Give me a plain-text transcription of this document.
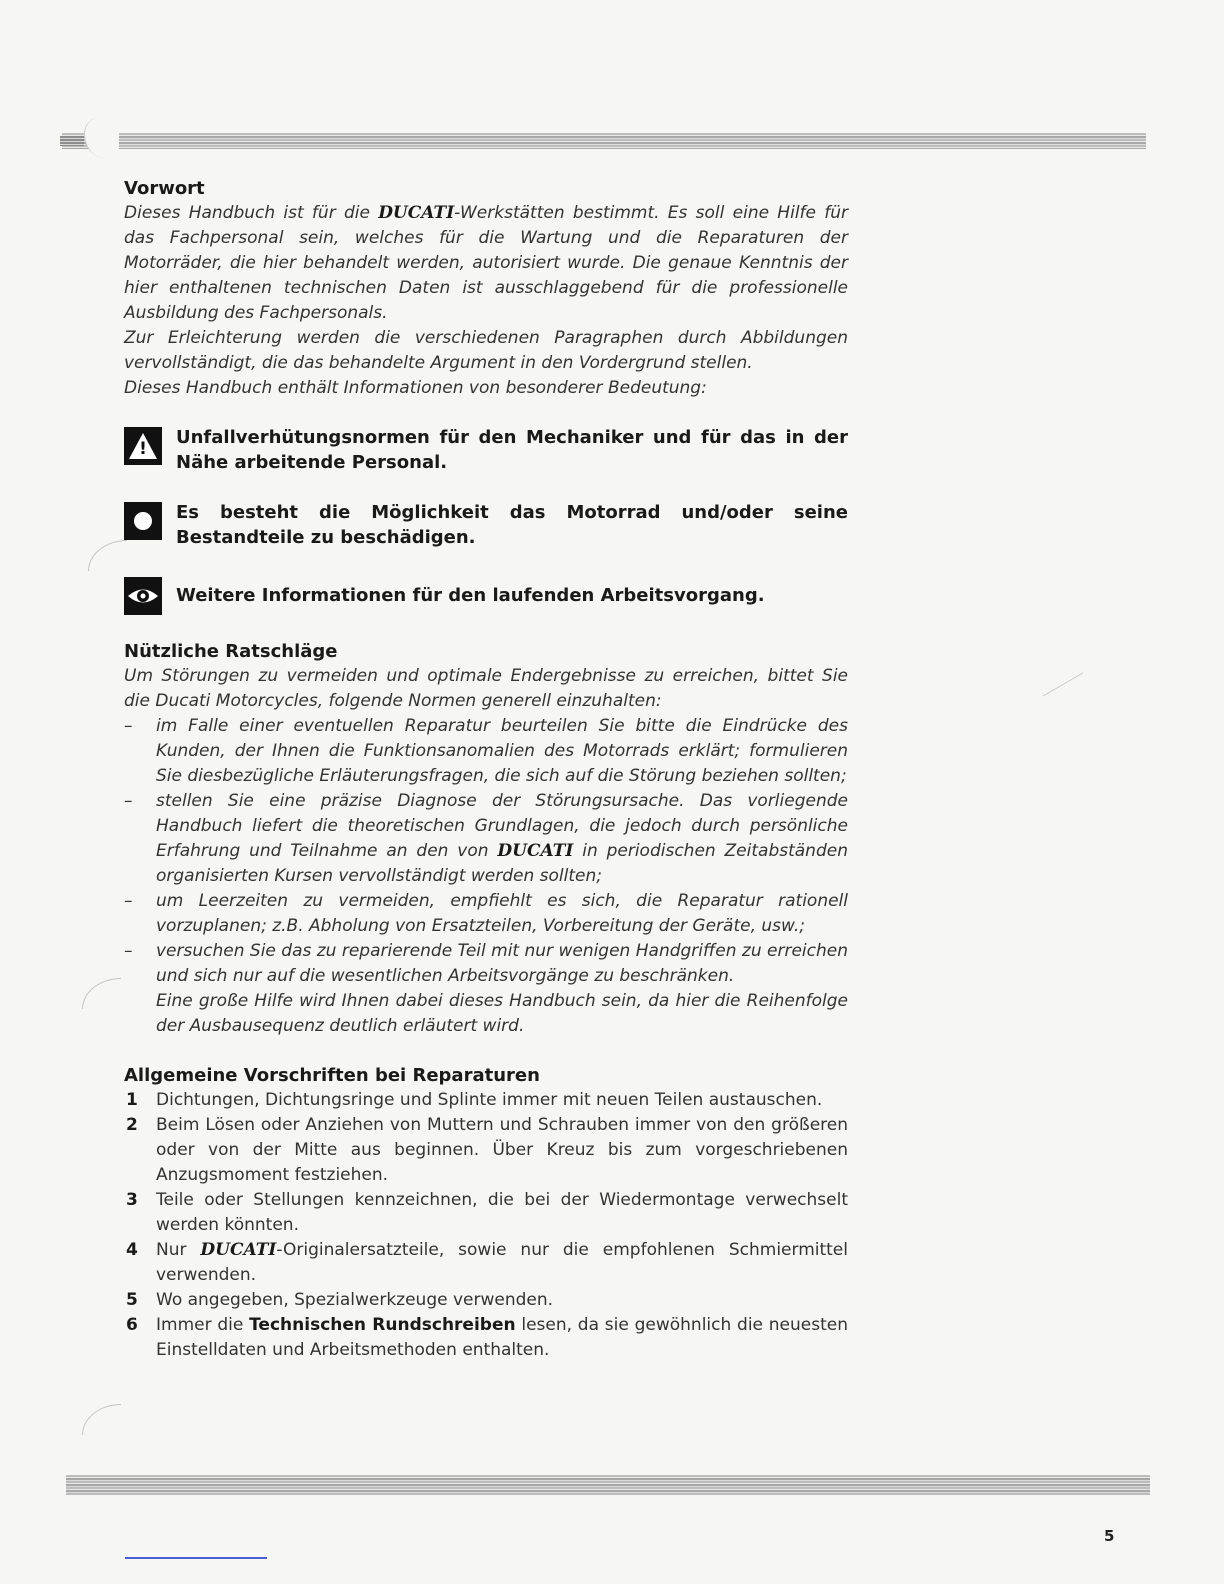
Vorwort

Dieses Handbuch ist für die DUCATI-Werkstätten bestimmt. Es soll eine Hilfe für das Fachpersonal sein, welches für die Wartung und die Reparaturen der Motorräder, die hier behandelt werden, autorisiert wurde. Die genaue Kenntnis der hier enthaltenen technischen Daten ist ausschlaggebend für die professionelle Ausbildung des Fachpersonals.

Zur Erleichterung werden die verschiedenen Paragraphen durch Abbildungen vervollständigt, die das behandelte Argument in den Vordergrund stellen.

Dieses Handbuch enthält Informationen von besonderer Bedeutung:

!
Unfallverhütungsnormen für den Mechaniker und für das in der Nähe arbeitende Personal.
Es besteht die Möglichkeit das Motorrad und/oder seine Bestandteile zu beschädigen.
Weitere Informationen für den laufenden Arbeitsvorgang.
Nützliche Ratschläge

Um Störungen zu vermeiden und optimale Endergebnisse zu erreichen, bittet Sie die Ducati Motorcycles, folgende Normen generell einzuhalten:

– im Falle einer eventuellen Reparatur beurteilen Sie bitte die Eindrücke des Kunden, der Ihnen die Funktionsanomalien des Motorrads erklärt; formulieren Sie diesbezügliche Erläuterungsfragen, die sich auf die Störung beziehen sollten;
– stellen Sie eine präzise Diagnose der Störungsursache. Das vorliegende Handbuch liefert die theoretischen Grundlagen, die jedoch durch persönliche Erfahrung und Teilnahme an den von DUCATI in periodischen Zeitabständen organisierten Kursen vervollständigt werden sollten;
– um Leerzeiten zu vermeiden, empfiehlt es sich, die Reparatur rationell vorzuplanen; z.B. Abholung von Ersatzteilen, Vorbereitung der Geräte, usw.;
– versuchen Sie das zu reparierende Teil mit nur wenigen Handgriffen zu erreichen und sich nur auf die wesentlichen Arbeitsvorgänge zu beschränken.

Eine große Hilfe wird Ihnen dabei dieses Handbuch sein, da hier die Reihenfolge der Ausbausequenz deutlich erläutert wird.

Allgemeine Vorschriften bei Reparaturen
1 Dichtungen, Dichtungsringe und Splinte immer mit neuen Teilen austauschen.
2 Beim Lösen oder Anziehen von Muttern und Schrauben immer von den größeren oder von der Mitte aus beginnen. Über Kreuz bis zum vorgeschriebenen Anzugsmoment festziehen.
3 Teile oder Stellungen kennzeichnen, die bei der Wiedermontage verwechselt werden könnten.
4 Nur DUCATI-Originalersatzteile, sowie nur die empfohlenen Schmiermittel verwenden.
5 Wo angegeben, Spezialwerkzeuge verwenden.
6 Immer die Technischen Rundschreiben lesen, da sie gewöhnlich die neuesten Einstelldaten und Arbeitsmethoden enthalten.
5
